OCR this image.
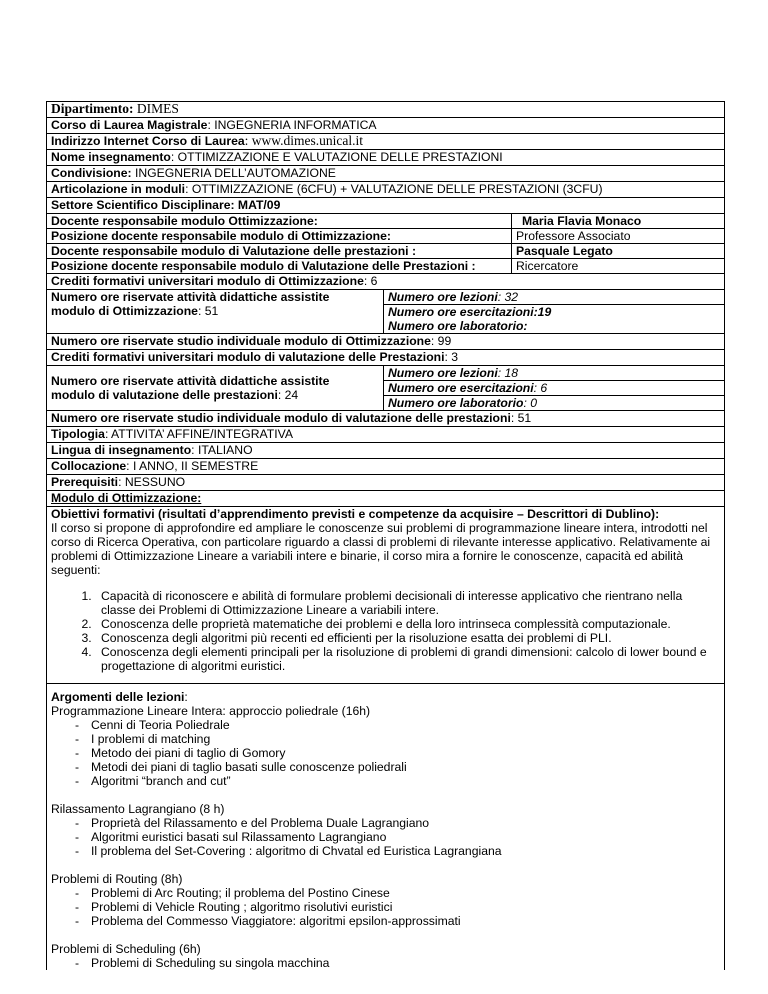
Dipartimento: DIMES
Corso di Laurea Magistrale: INGEGNERIA INFORMATICA
Indirizzo Internet Corso di Laurea: www.dimes.unical.it
Nome insegnamento: OTTIMIZZAZIONE E VALUTAZIONE DELLE PRESTAZIONI
Condivisione: INGEGNERIA DELL’AUTOMAZIONE
Articolazione in moduli: OTTIMIZZAZIONE (6CFU) + VALUTAZIONE DELLE PRESTAZIONI (3CFU)
Settore Scientifico Disciplinare: MAT/09
Docente responsabile modulo Ottimizzazione:	Maria Flavia Monaco
Posizione docente responsabile modulo di Ottimizzazione:	Professore Associato
Docente responsabile modulo di Valutazione delle prestazioni :	Pasquale Legato
Posizione docente responsabile modulo di Valutazione delle Prestazioni :	Ricercatore
Crediti formativi universitari modulo di Ottimizzazione: 6
Numero ore riservate attività didattiche assistite
modulo di Ottimizzazione: 51
Numero ore lezioni: 32
Numero ore esercitazioni:19
Numero ore laboratorio:
Numero ore riservate studio individuale modulo di Ottimizzazione: 99
Crediti formativi universitari modulo di valutazione delle Prestazioni: 3
Numero ore riservate attività didattiche assistite
modulo di valutazione delle prestazioni: 24
Numero ore lezioni: 18
Numero ore esercitazioni: 6
Numero ore laboratorio: 0
Numero ore riservate studio individuale modulo di valutazione delle prestazioni: 51
Tipologia: ATTIVITA’ AFFINE/INTEGRATIVA
Lingua di insegnamento: ITALIANO
Collocazione: I ANNO, II SEMESTRE
Prerequisiti: NESSUNO
Modulo di Ottimizzazione:
Obiettivi formativi (risultati d’apprendimento previsti e competenze da acquisire – Descrittori di Dublino):

Il corso si propone di approfondire ed ampliare le conoscenze sui problemi di programmazione lineare intera, introdotti nel corso di Ricerca Operativa, con particolare riguardo a classi di problemi di rilevante interesse applicativo. Relativamente ai problemi di Ottimizzazione Lineare a variabili intere e binarie, il corso mira a fornire le conoscenze, capacità ed abilità seguenti:

1. Capacità di riconoscere e abilità di formulare problemi decisionali di interesse applicativo che rientrano nella classe dei Problemi di Ottimizzazione Lineare a variabili intere.
2. Conoscenza delle proprietà matematiche dei problemi e della loro intrinseca complessità computazionale.
3. Conoscenza degli algoritmi più recenti ed efficienti per la risoluzione esatta dei problemi di PLI.
4. Conoscenza degli elementi principali per la risoluzione di problemi di grandi dimensioni: calcolo di lower bound e progettazione di algoritmi euristici.
Argomenti delle lezioni:
Programmazione Lineare Intera: approccio poliedrale (16h)
- Cenni di Teoria Poliedrale
- I problemi di matching
- Metodo dei piani di taglio di Gomory
- Metodi dei piani di taglio basati sulle conoscenze poliedrali
- Algoritmi “branch and cut”
Rilassamento Lagrangiano (8 h)
- Proprietà del Rilassamento e del Problema Duale Lagrangiano
- Algoritmi euristici basati sul Rilassamento Lagrangiano
- Il problema del Set-Covering : algoritmo di Chvatal ed Euristica Lagrangiana
Problemi di Routing (8h)
- Problemi di Arc Routing; il problema del Postino Cinese
- Problemi di Vehicle Routing ; algoritmo risolutivi euristici
- Problema del Commesso Viaggiatore: algoritmi epsilon-approssimati
Problemi di Scheduling (6h)
- Problemi di Scheduling su singola macchina
